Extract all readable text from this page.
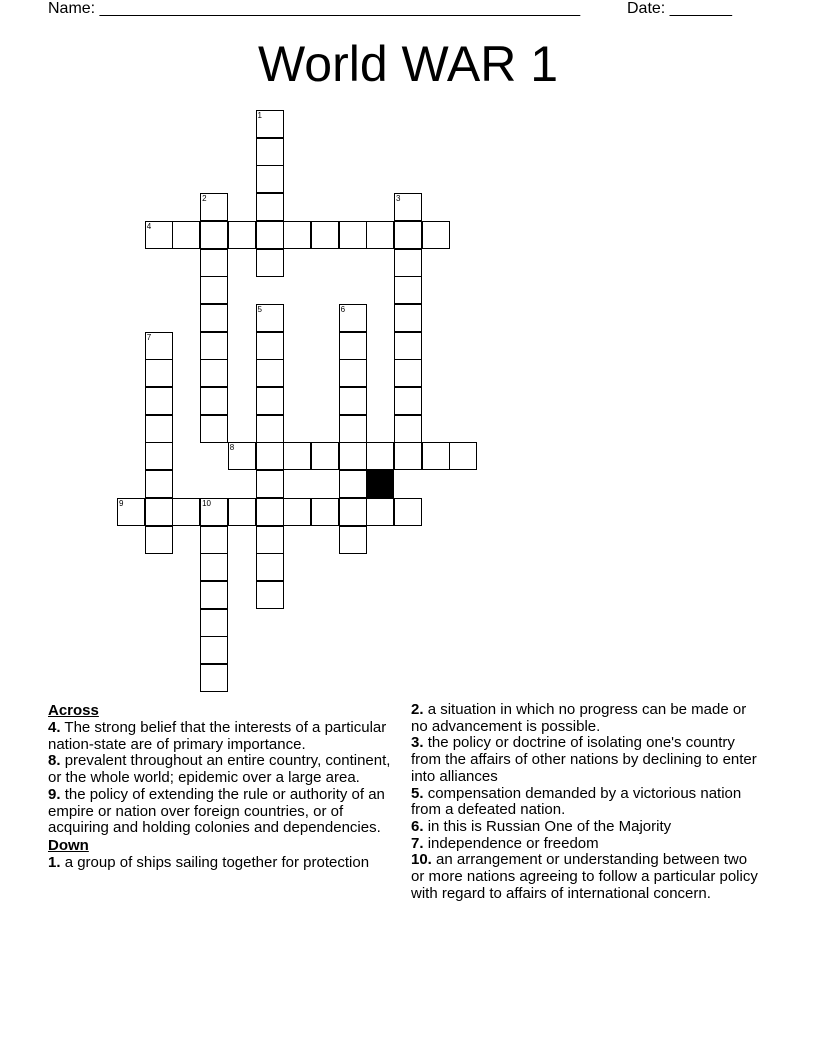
Name: ______________________________________________________	Date: _______
World WAR 1
1
2	3
4
5	6
7
8
9	10

Across

4. The strong belief that the interests of a particular nation-state are of primary importance.

8. prevalent throughout an entire country, continent, or the whole world; epidemic over a large area.

9. the policy of extending the rule or authority of an empire or nation over foreign countries, or of acquiring and holding colonies and dependencies.

Down

1. a group of ships sailing together for protection

2. a situation in which no progress can be made or no advancement is possible.

3. the policy or doctrine of isolating one's country from the affairs of other nations by declining to enter into alliances

5. compensation demanded by a victorious nation from a defeated nation.

6. in this is Russian One of the Majority

7. independence or freedom

10. an arrangement or understanding between two or more nations agreeing to follow a particular policy with regard to affairs of international concern.
